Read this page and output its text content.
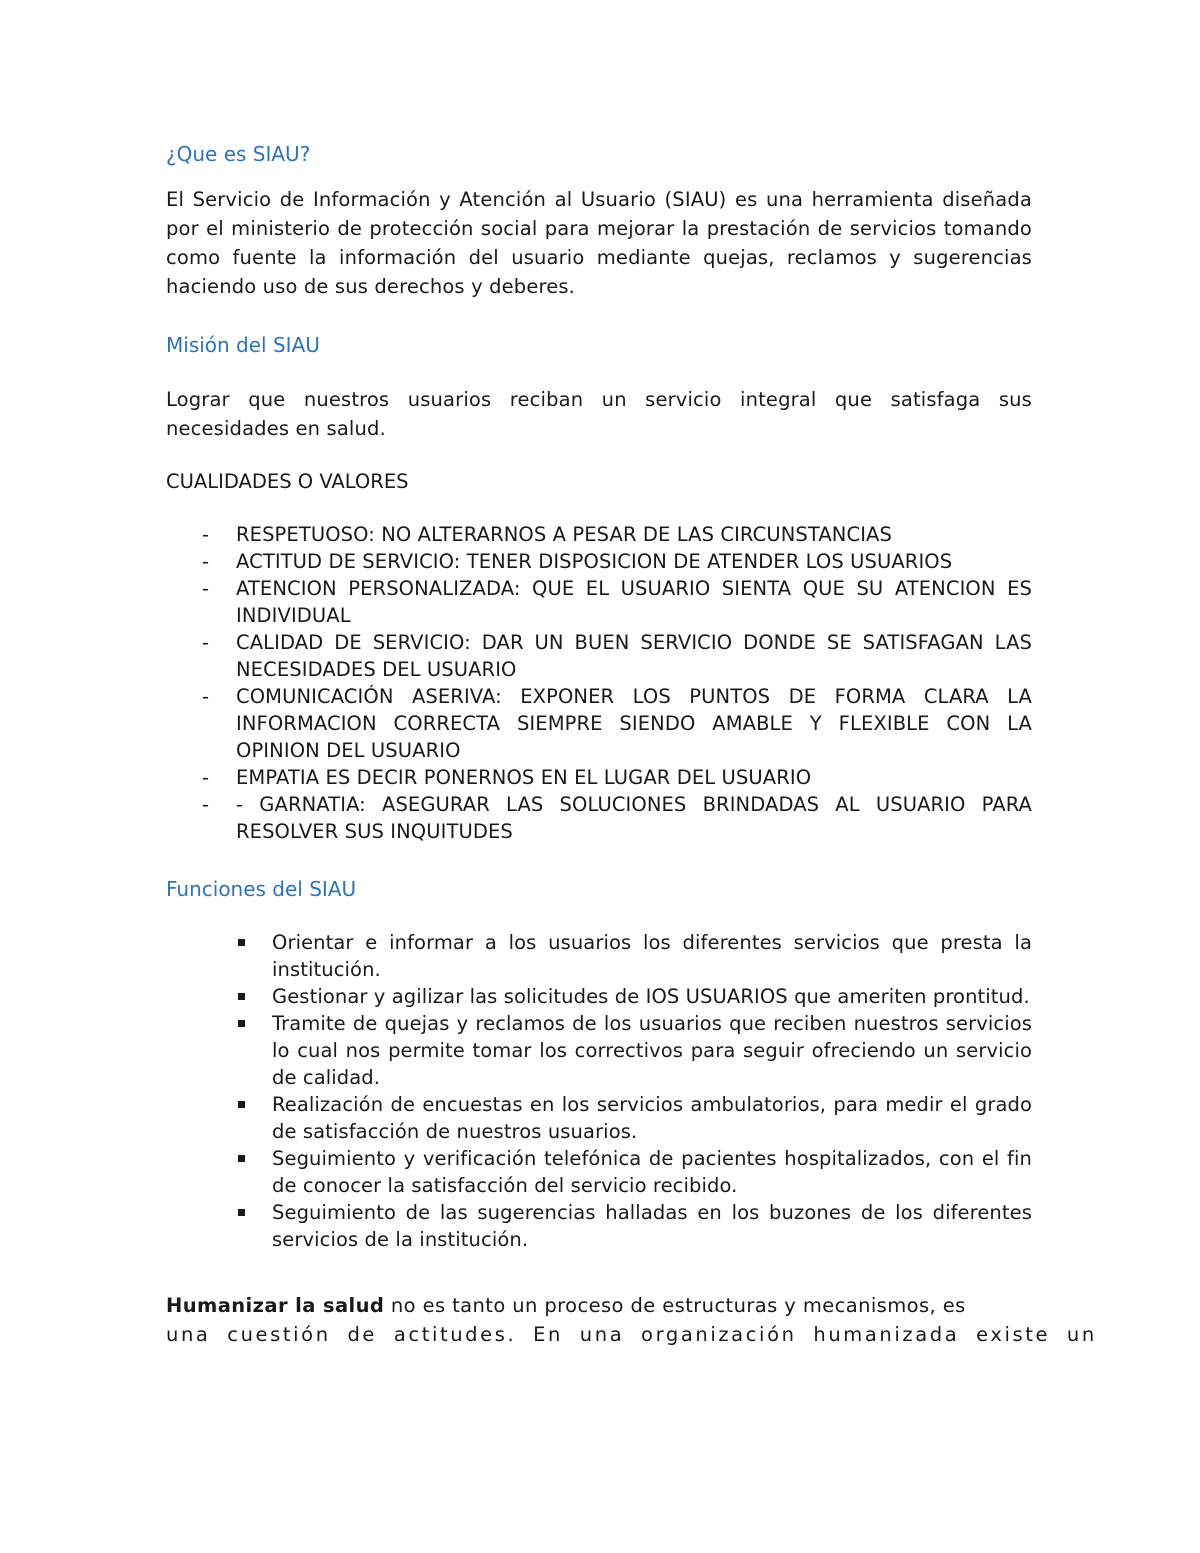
¿Que es SIAU?

El Servicio de Información y Atención al Usuario (SIAU) es una herramienta diseñada por el ministerio de protección social para mejorar la prestación de servicios tomando como fuente la información del usuario mediante quejas, reclamos y sugerencias haciendo uso de sus derechos y deberes.

Misión del SIAU

Lograr que nuestros usuarios reciban un servicio integral que satisfaga sus necesidades en salud.

CUALIDADES O VALORES

- RESPETUOSO: NO ALTERARNOS A PESAR DE LAS CIRCUNSTANCIAS
- ACTITUD DE SERVICIO: TENER DISPOSICION DE ATENDER LOS USUARIOS
- ATENCION PERSONALIZADA: QUE EL USUARIO SIENTA QUE SU ATENCION ES INDIVIDUAL
- CALIDAD DE SERVICIO: DAR UN BUEN SERVICIO DONDE SE SATISFAGAN LAS NECESIDADES DEL USUARIO
- COMUNICACIÓN ASERIVA: EXPONER LOS PUNTOS DE FORMA CLARA LA INFORMACION CORRECTA SIEMPRE SIENDO AMABLE Y FLEXIBLE CON LA OPINION DEL USUARIO
- EMPATIA ES DECIR PONERNOS EN EL LUGAR DEL USUARIO
- - GARNATIA: ASEGURAR LAS SOLUCIONES BRINDADAS AL USUARIO PARA RESOLVER SUS INQUITUDES
Funciones del SIAU
Orientar e informar a los usuarios los diferentes servicios que presta la institución.
Gestionar y agilizar las solicitudes de IOS USUARIOS que ameriten prontitud.
Tramite de quejas y reclamos de los usuarios que reciben nuestros servicios lo cual nos permite tomar los correctivos para seguir ofreciendo un servicio de calidad.
Realización de encuestas en los servicios ambulatorios, para medir el grado de satisfacción de nuestros usuarios.
Seguimiento y verificación telefónica de pacientes hospitalizados, con el fin de conocer la satisfacción del servicio recibido.
Seguimiento de las sugerencias halladas en los buzones de los diferentes servicios de la institución.

Humanizar la salud no es tanto un proceso de estructuras y mecanismos, es

una cuestión de actitudes. En una organización humanizada existe un
